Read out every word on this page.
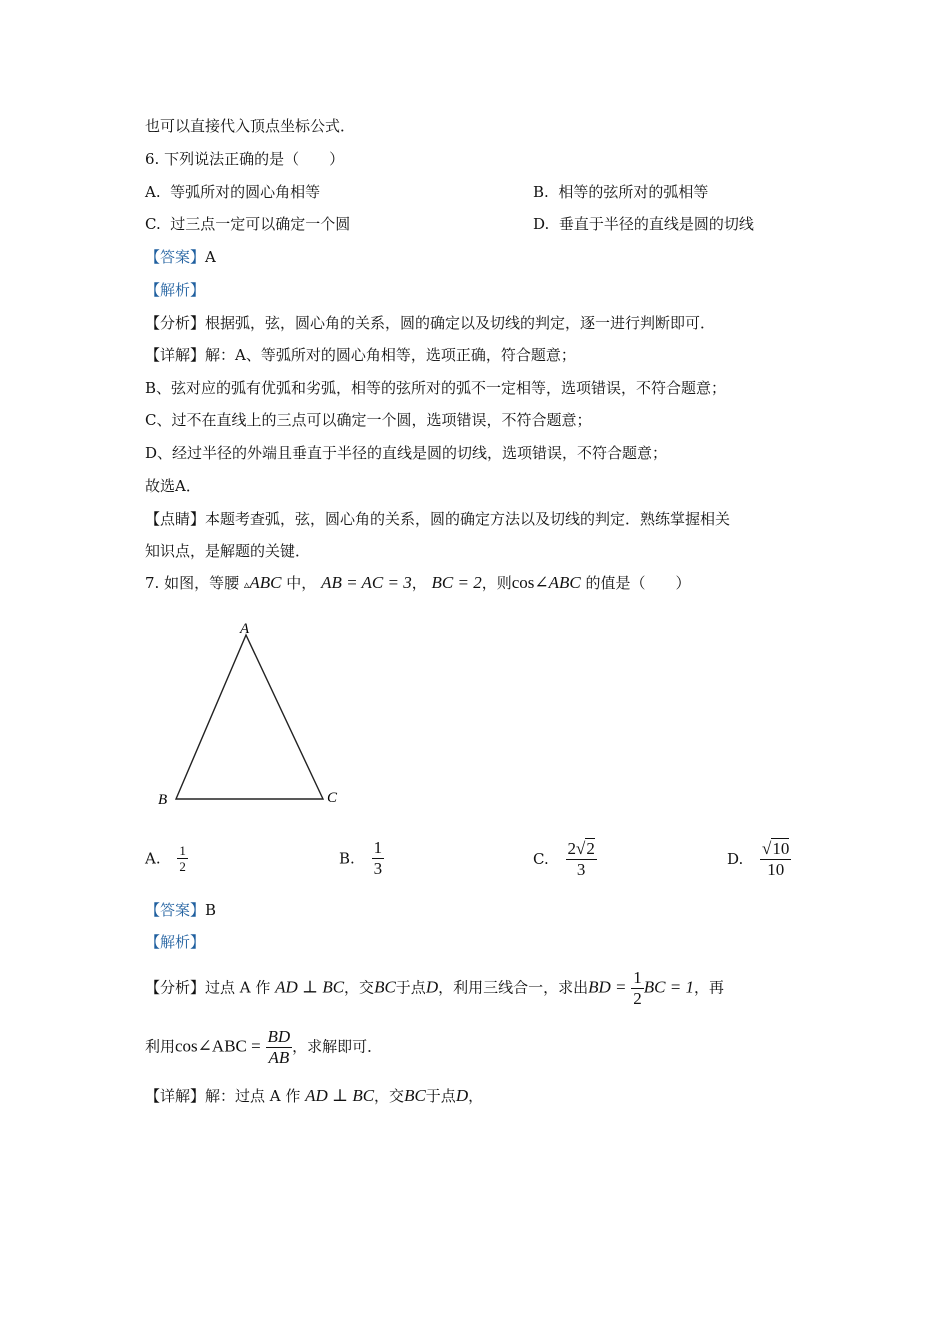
也可以直接代入顶点坐标公式．
6. 下列说法正确的是（　　）
A. 等弧所对的圆心角相等	B. 相等的弦所对的弧相等
C. 过三点一定可以确定一个圆	D. 垂直于半径的直线是圆的切线
【答案】A
【解析】
【分析】根据弧，弦，圆心角的关系，圆的确定以及切线的判定，逐一进行判断即可．
【详解】解：A、等弧所对的圆心角相等，选项正确，符合题意；
B、弦对应的弧有优弧和劣弧，相等的弦所对的弧不一定相等，选项错误，不符合题意；
C、过不在直线上的三点可以确定一个圆，选项错误，不符合题意；
D、经过半径的外端且垂直于半径的直线是圆的切线，选项错误，不符合题意；
故选A．
【点睛】本题考查弧，弦，圆心角的关系，圆的确定方法以及切线的判定．熟练掌握相关
知识点，是解题的关键．
7. 如图，等腰 ▵ABC 中， AB = AC = 3， BC = 2，则cos∠ABC 的值是（　　）
A
B	C
A. $\frac{1}{2}$	B. $\frac{1}{3}$	C. $\frac{2√2}{3}$	D. $\frac{√10}{10}$
【答案】B
【解析】
【分析】过点 A 作 AD ⊥ BC，交BC于点D，利用三线合一，求出BD = $\frac{1}{2}$ BC = 1，再
利用cos∠ABC = $\frac{BD}{AB}$ ，求解即可．
【详解】解：过点 A 作 AD ⊥ BC，交BC于点D，
